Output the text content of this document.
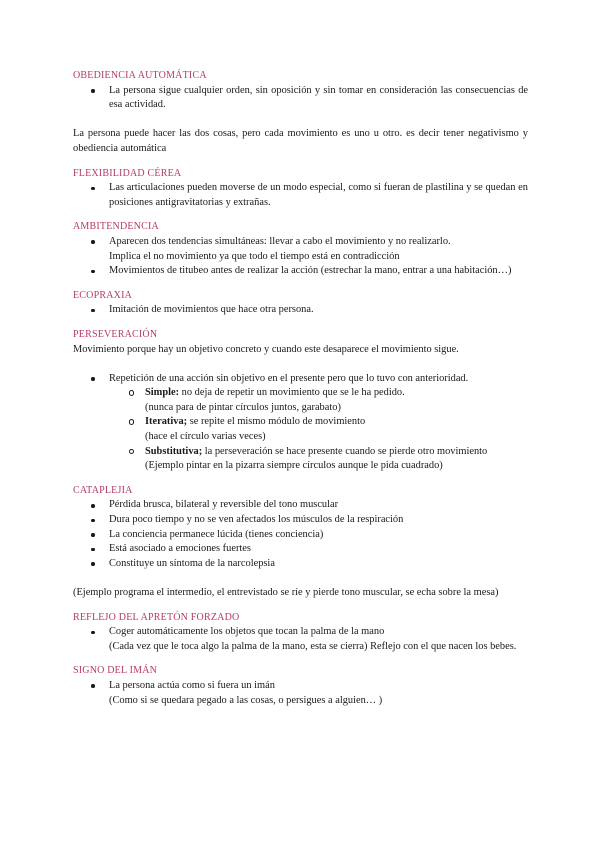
OBEDIENCIA AUTOMÁTICA

La persona sigue cualquier orden, sin oposición y sin tomar en consideración las consecuencias de esa actividad.

La persona puede hacer las dos cosas, pero cada movimiento es uno u otro. es decir tener negativismo y obediencia automática

FLEXIBILIDAD CÉREA

Las articulaciones pueden moverse de un modo especial, como si fueran de plastilina y se quedan en posiciones antigravitatorias y extrañas.

AMBITENDENCIA

Aparecen dos tendencias simultáneas: llevar a cabo el movimiento y no realizarlo.
Implica el no movimiento ya que todo el tiempo está en contradicción
Movimientos de titubeo antes de realizar la acción (estrechar la mano, entrar a una habitación…)

ECOPRAXIA

Imitación de movimientos que hace otra persona.

PERSEVERACIÓN

Movimiento porque hay un objetivo concreto y cuando este desaparece el movimiento sigue.

Repetición de una acción sin objetivo en el presente pero que lo tuvo con anterioridad.
Simple: no deja de repetir un movimiento que se le ha pedido.
(nunca para de pintar círculos juntos, garabato)
Iterativa; se repite el mismo módulo de movimiento
(hace el círculo varias veces)
Substitutiva; la perseveración se hace presente cuando se pierde otro movimiento
(Ejemplo pintar en la pizarra siempre círculos aunque le pida cuadrado)

CATAPLEJIA

Pérdida brusca, bilateral y reversible del tono muscular
Dura poco tiempo y no se ven afectados los músculos de la respiración
La conciencia permanece lúcida (tienes conciencia)
Está asociado a emociones fuertes
Constituye un síntoma de la narcolepsia

(Ejemplo programa el intermedio, el entrevistado se ríe y pierde tono muscular, se echa sobre la mesa)

REFLEJO DEL APRETÓN FORZADO

Coger automáticamente los objetos que tocan la palma de la mano
(Cada vez que le toca algo la palma de la mano, esta se cierra) Reflejo con el que nacen los bebes.

SIGNO DEL IMÁN

La persona actúa como si fuera un imán
(Como si se quedara pegado a las cosas, o persigues a alguien… )
